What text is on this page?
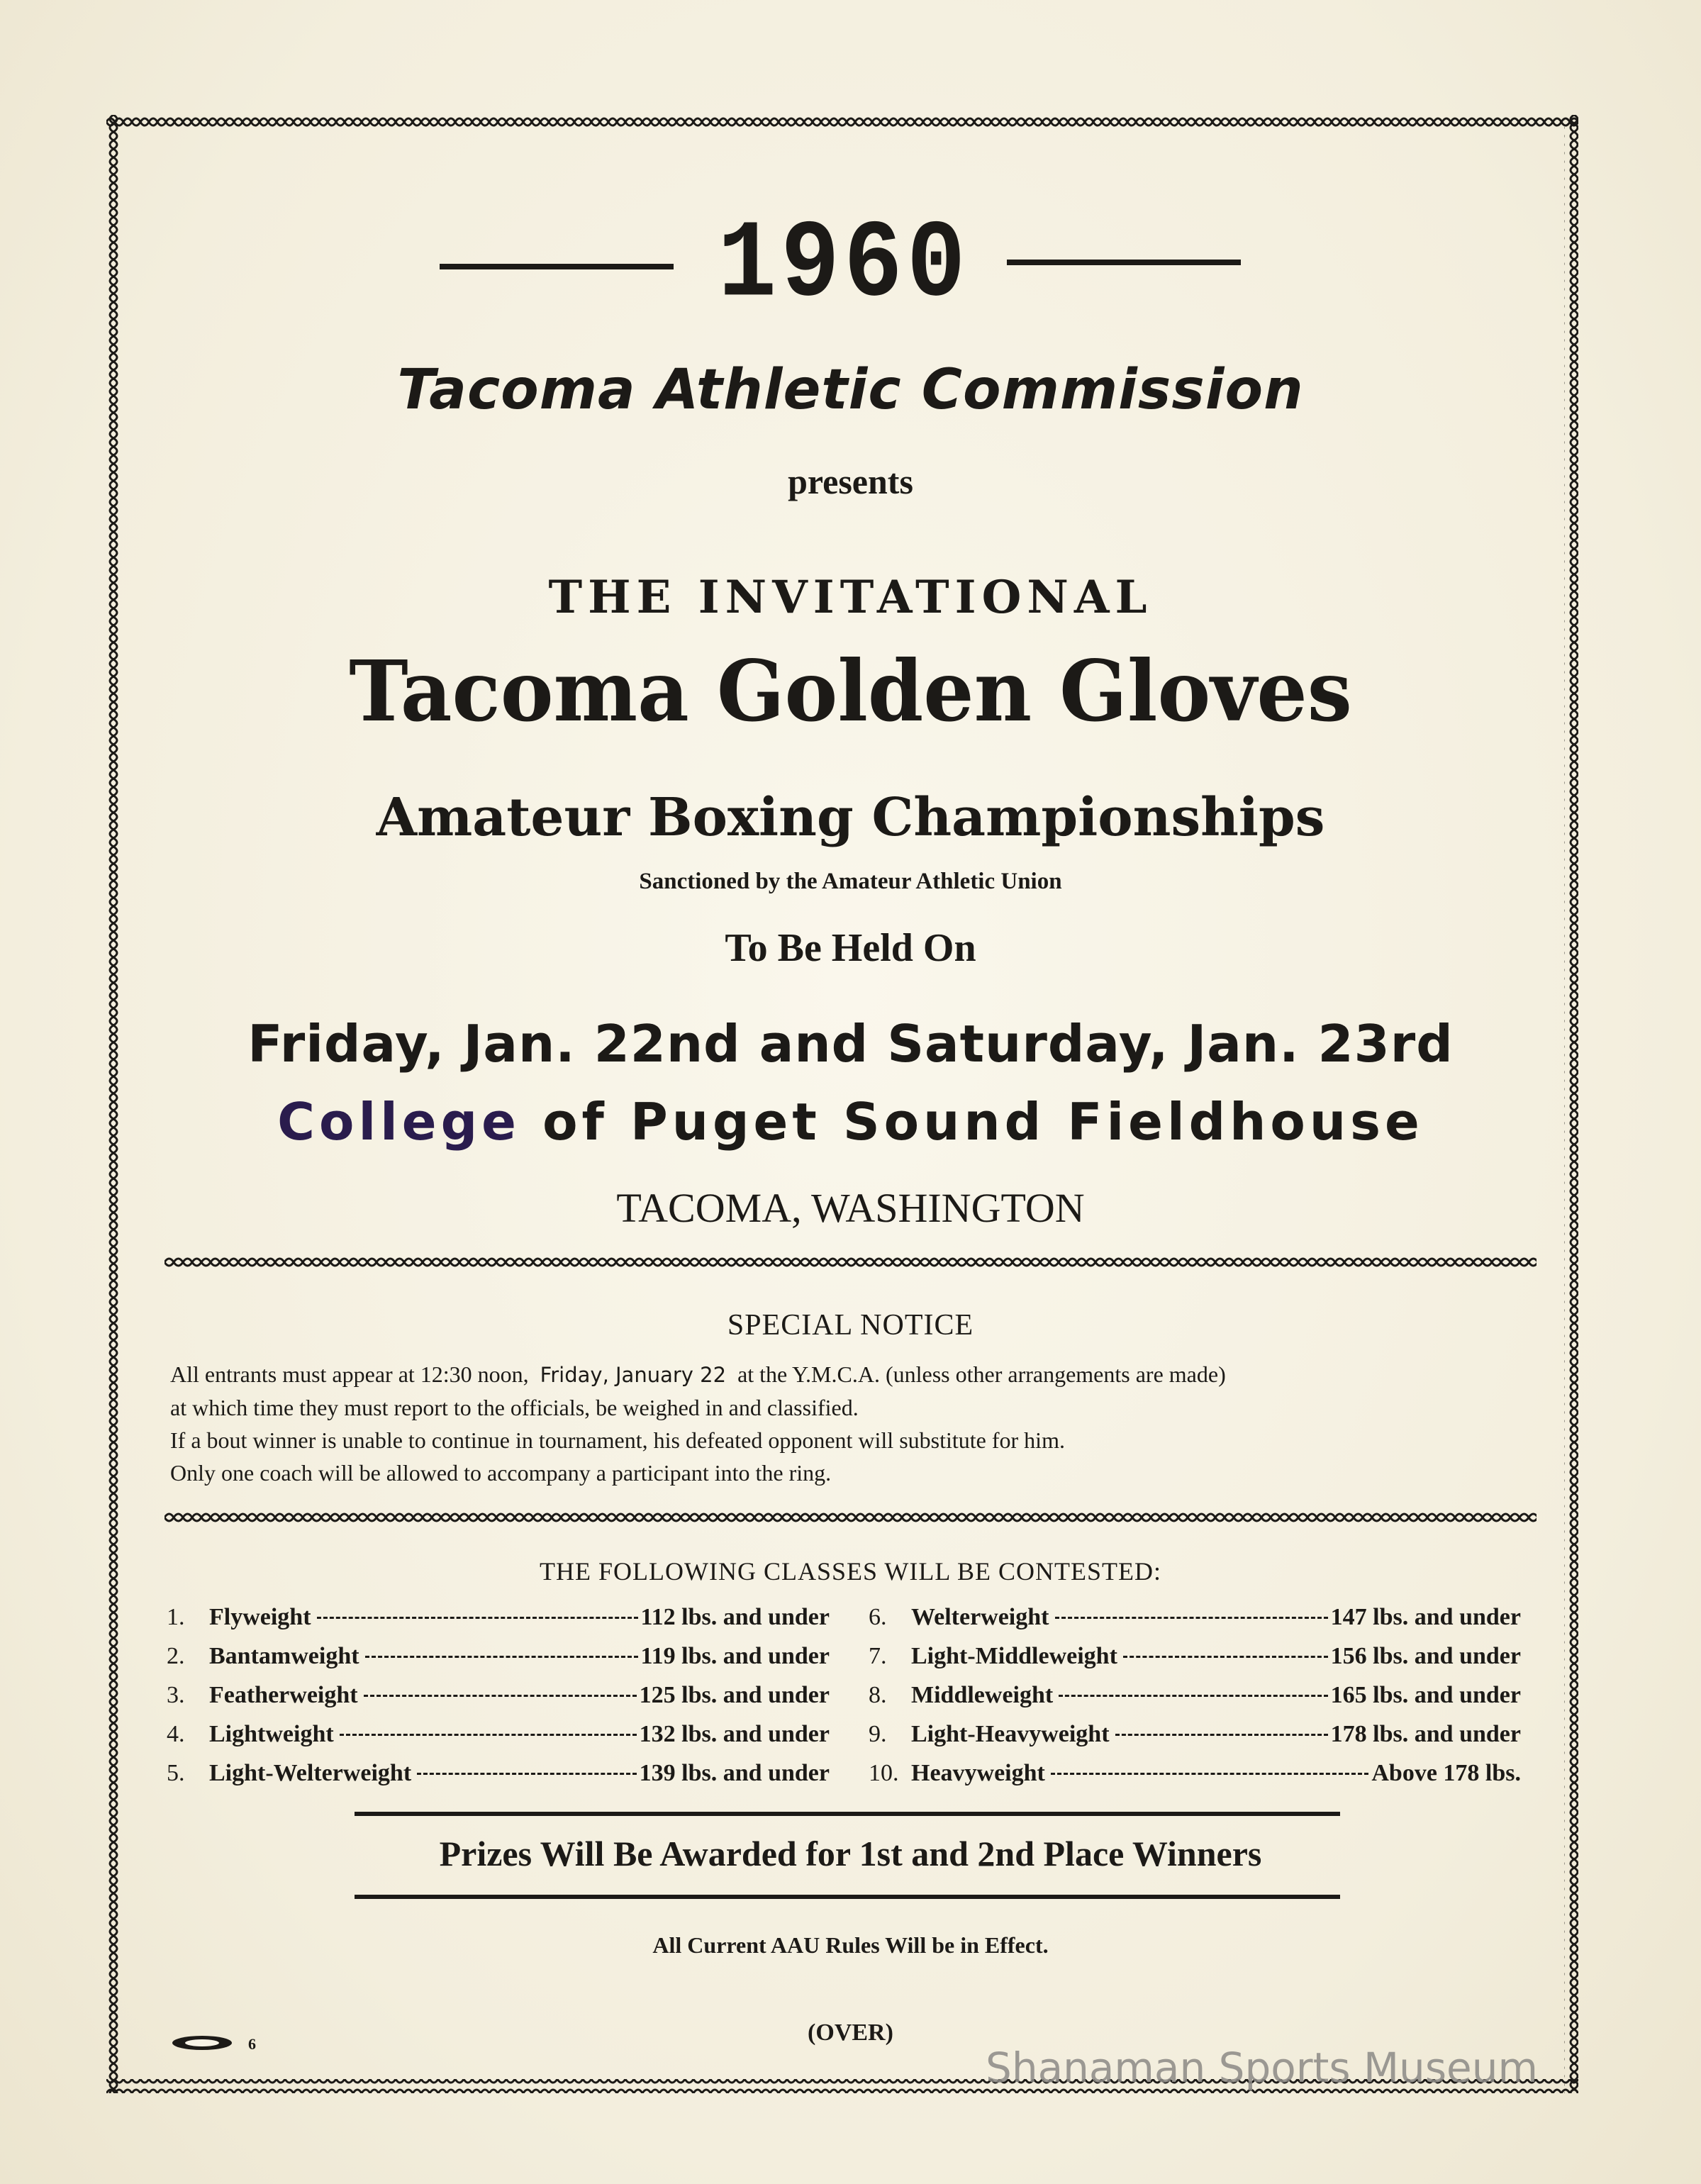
1960
Tacoma Athletic Commission
presents
THE INVITATIONAL
Tacoma Golden Gloves
Amateur Boxing Championships
Sanctioned by the Amateur Athletic Union
To Be Held On
Friday, Jan. 22nd and Saturday, Jan. 23rd
College of Puget Sound Fieldhouse
TACOMA, WASHINGTON
SPECIAL NOTICE

All entrants must appear at 12:30 noon, Friday, January 22 at the Y.M.C.A. (unless other arrangements are made)

at which time they must report to the officials, be weighed in and classified.

If a bout winner is unable to continue in tournament, his defeated opponent will substitute for him.

Only one coach will be allowed to accompany a participant into the ring.

THE FOLLOWING CLASSES WILL BE CONTESTED:
1.	Flyweight	112 lbs. and under
2.	Bantamweight	119 lbs. and under
3.	Featherweight	125 lbs. and under
4.	Lightweight	132 lbs. and under
5.	Light-Welterweight	139 lbs. and under
6.	Welterweight	147 lbs. and under
7.	Light-Middleweight	156 lbs. and under
8.	Middleweight	165 lbs. and under
9.	Light-Heavyweight	178 lbs. and under
10. Heavyweight	Above 178 lbs.
Prizes Will Be Awarded for 1st and 2nd Place Winners
All Current AAU Rules Will be in Effect.
(OVER)
6	Shanaman Sports Museum
